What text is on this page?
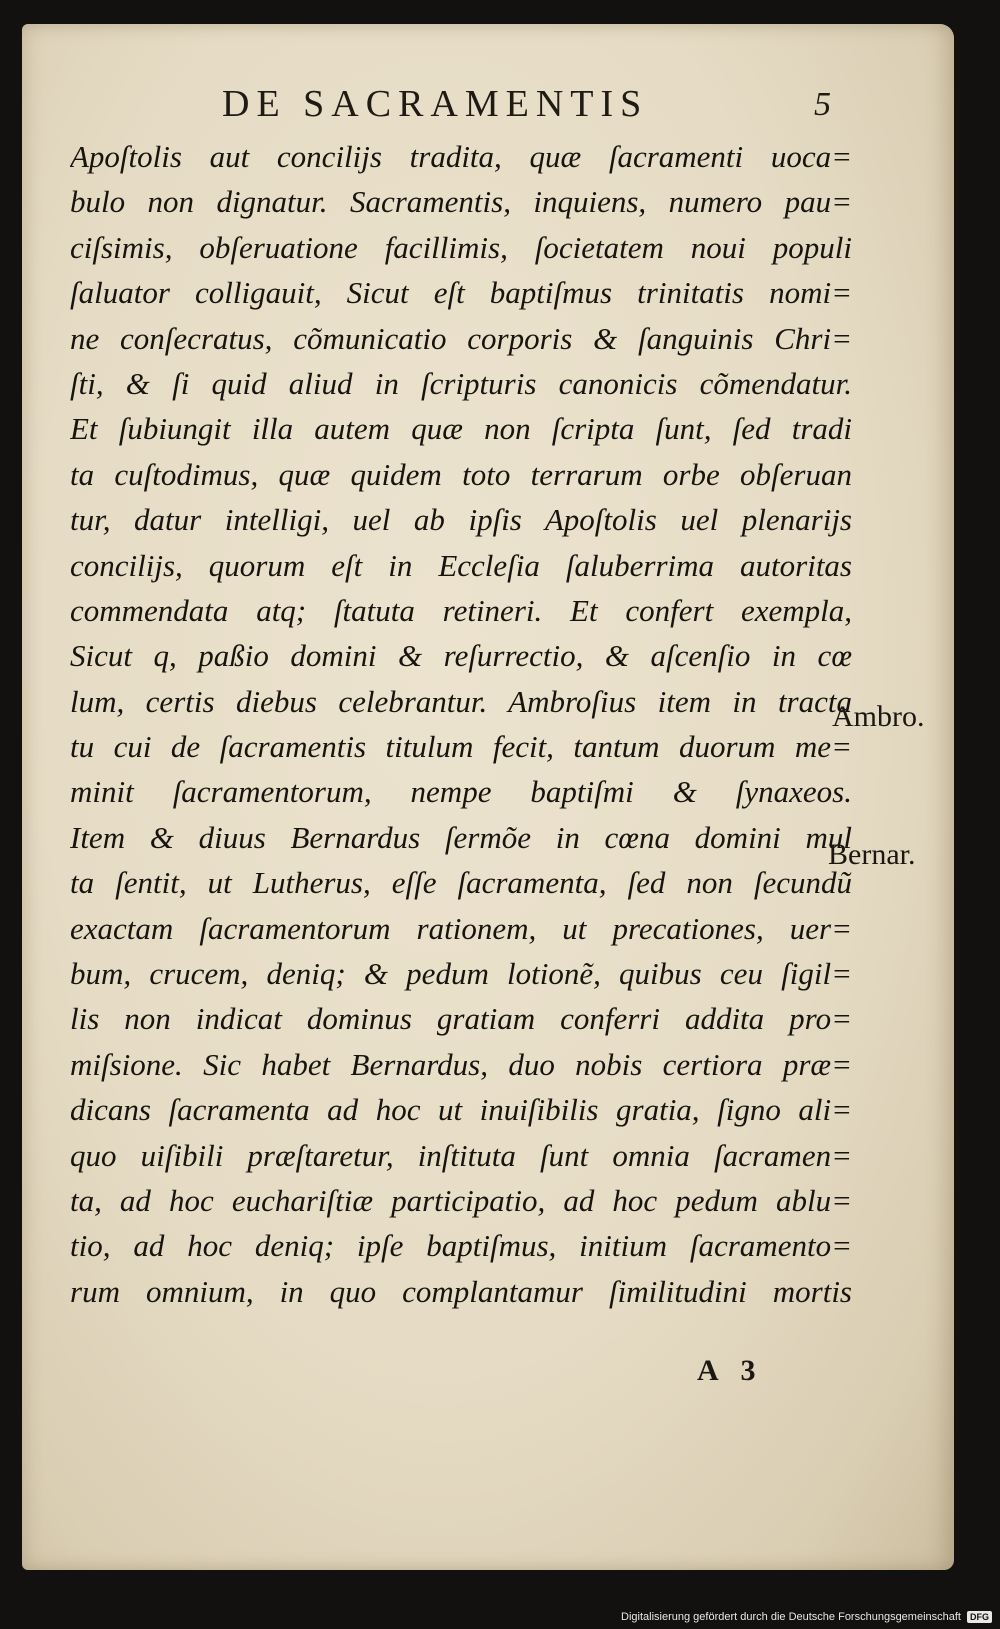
DE SACRAMENTIS	5
Apoſtolis aut concilijs tradita, quæ ſacramenti uoca=
bulo non dignatur. Sacramentis, inquiens, numero pau=
ciſsimis, obſeruatione facillimis, ſocietatem noui populi
ſaluator colligauit, Sicut eſt baptiſmus trinitatis nomi=
ne conſecratus, cõmunicatio corporis & ſanguinis Chri=
ſti, & ſi quid aliud in ſcripturis canonicis cõmendatur.
Et ſubiungit illa autem quæ non ſcripta ſunt, ſed tradi
ta cuſtodimus, quæ quidem toto terrarum orbe obſeruan
tur, datur intelligi, uel ab ipſis Apoſtolis uel plenarijs
concilijs, quorum eſt in Eccleſia ſaluberrima autoritas
commendata atq; ſtatuta retineri. Et confert exempla,
Sicut q, paßio domini & reſurrectio, & aſcenſio in cœ
lum, certis diebus celebrantur. Ambroſius item in tracta
tu cui de ſacramentis titulum fecit, tantum duorum me=
minit ſacramentorum, nempe baptiſmi & ſynaxeos.
Item & diuus Bernardus ſermõe in cœna domini mul
ta ſentit, ut Lutherus, eſſe ſacramenta, ſed non ſecundũ
exactam ſacramentorum rationem, ut precationes, uer=
bum, crucem, deniq; & pedum lotionẽ, quibus ceu ſigil=
lis non indicat dominus gratiam conferri addita pro=
miſsione. Sic habet Bernardus, duo nobis certiora præ=
dicans ſacramenta ad hoc ut inuiſibilis gratia, ſigno ali=
quo uiſibili præſtaretur, inſtituta ſunt omnia ſacramen=
ta, ad hoc euchariſtiæ participatio, ad hoc pedum ablu=
tio, ad hoc deniq; ipſe baptiſmus, initium ſacramento=
rum omnium, in quo complantamur ſimilitudini mortis
Ambro.
Bernar.
A 3
Digitalisierung gefördert durch die Deutsche Forschungsgemeinschaft	DFG
